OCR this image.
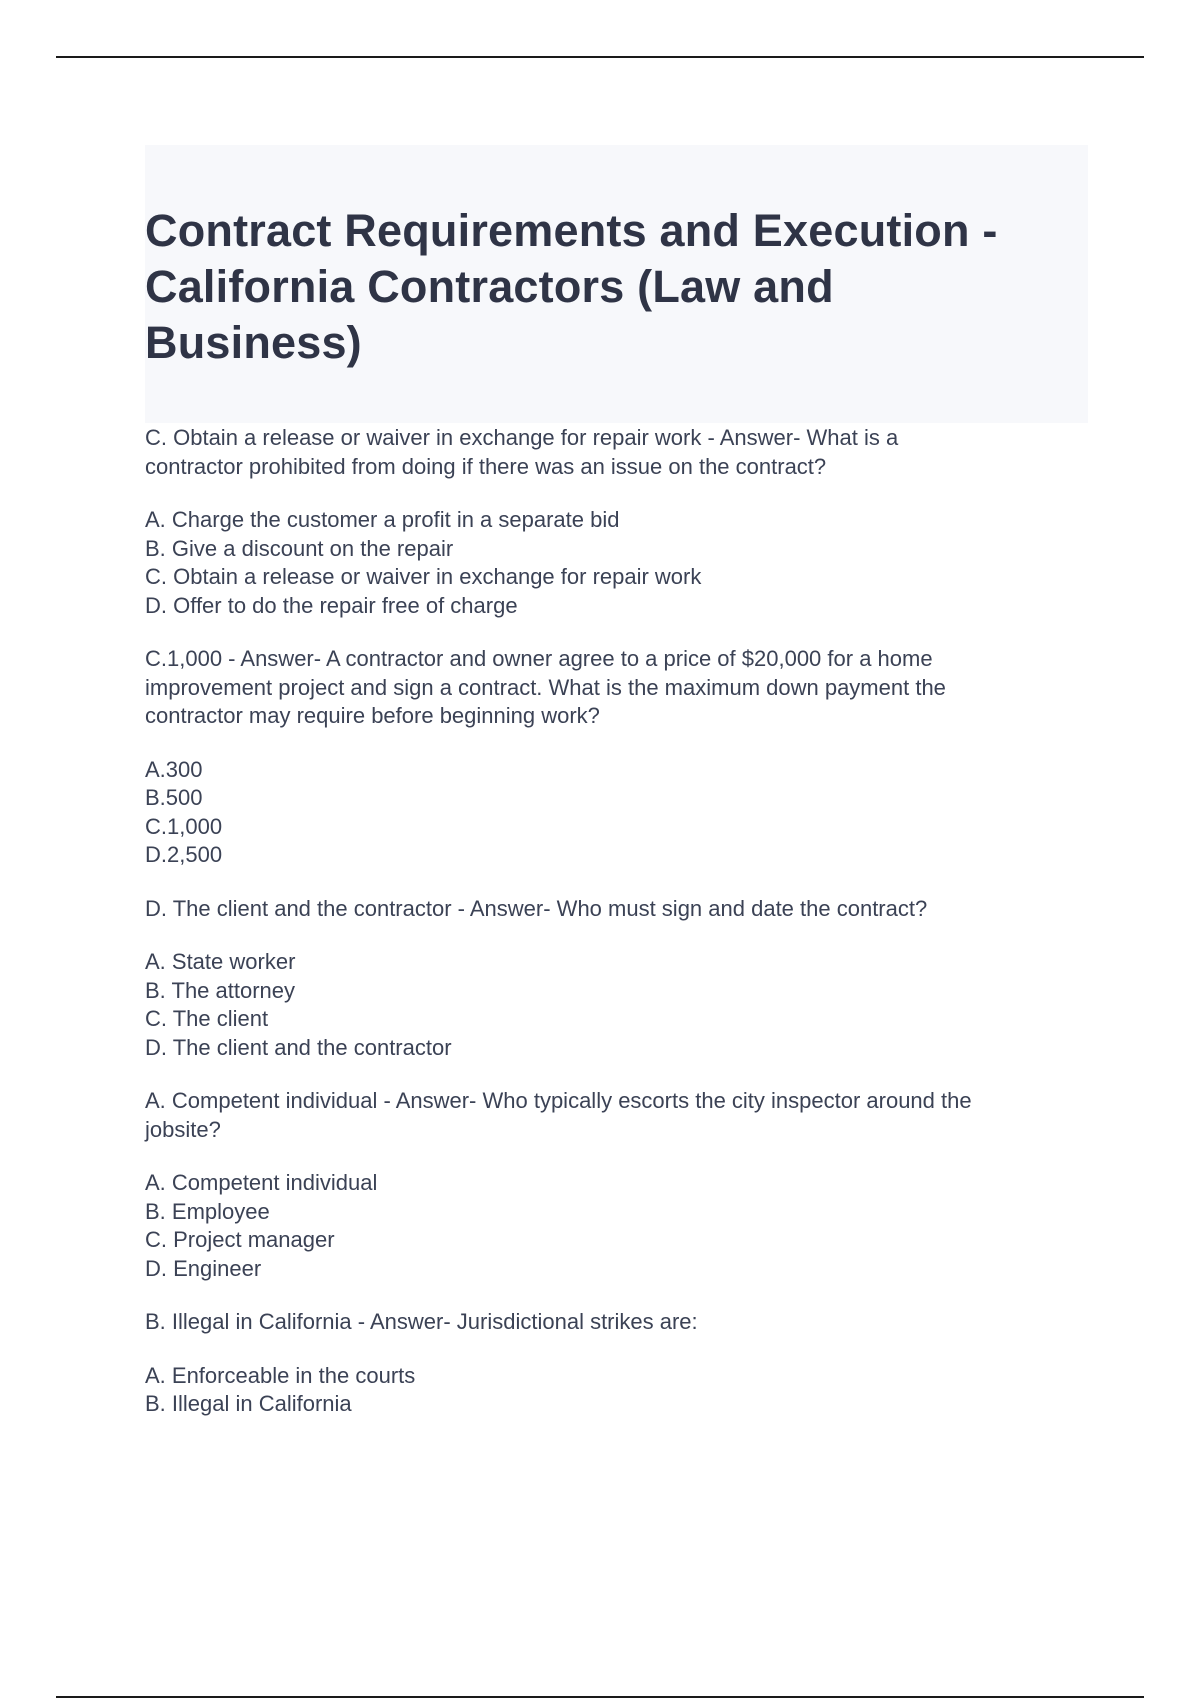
Contract Requirements and Execution -
California Contractors (Law and
Business)

C. Obtain a release or waiver in exchange for repair work - Answer- What is a
contractor prohibited from doing if there was an issue on the contract?

A. Charge the customer a profit in a separate bid
B. Give a discount on the repair
C. Obtain a release or waiver in exchange for repair work
D. Offer to do the repair free of charge

C.1,000 - Answer- A contractor and owner agree to a price of $20,000 for a home
improvement project and sign a contract. What is the maximum down payment the
contractor may require before beginning work?

A.300
B.500
C.1,000
D.2,500

D. The client and the contractor - Answer- Who must sign and date the contract?

A. State worker
B. The attorney
C. The client
D. The client and the contractor

A. Competent individual - Answer- Who typically escorts the city inspector around the
jobsite?

A. Competent individual
B. Employee
C. Project manager
D. Engineer

B. Illegal in California - Answer- Jurisdictional strikes are:

A. Enforceable in the courts
B. Illegal in California
